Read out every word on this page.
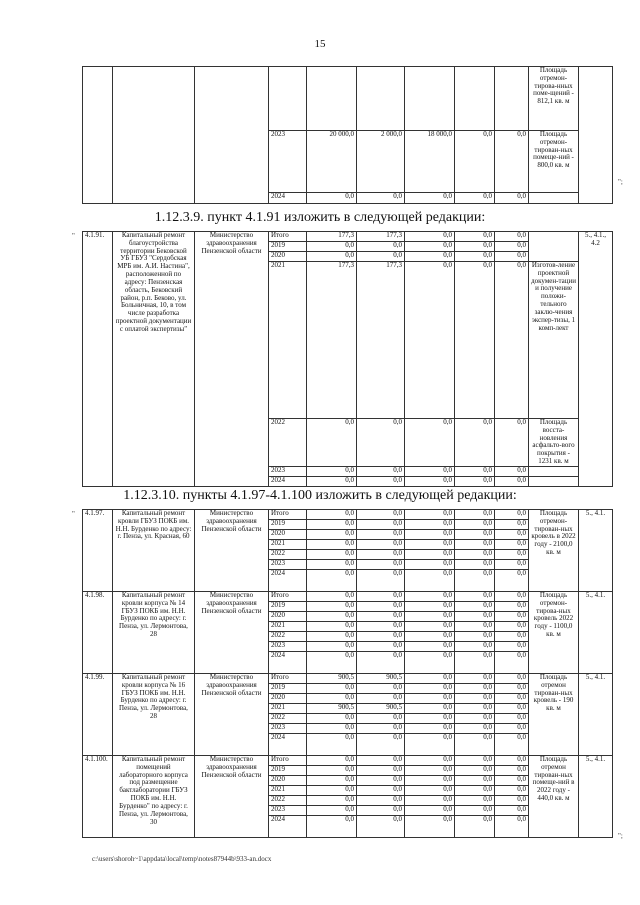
15
									Площадь отремон-тирова-нных поме-щений - 812,1 кв. м	
			2023	20 000,0	2 000,0	18 000,0	0,0	0,0	Площадь отремон-тирован-ных помеще-ний - 800,0 кв. м	
			2024	0,0	0,0	0,0	0,0	0,0		
";
1.12.3.9. пункт 4.1.91 изложить в следующей редакции:
" 4.1.91.	Капитальный ремонт благоустройства территории Бековской УБ ГБУЗ "Сердобская МРБ им. А.И. Настина", расположенной по адресу: Пензенская область, Бековский район, р.п. Беково, ул. Больничная, 10, в том числе разработка проектной документации с оплатой экспертизы"	Министерство здравоохранения Пензенской области	Итого	177,3	177,3	0,0	0,0	0,0		5., 4.1., 4.2
			2019	0,0	0,0	0,0	0,0	0,0		
			2020	0,0	0,0	0,0	0,0	0,0		
			2021	177,3	177,3	0,0	0,0	0,0	Изготов-ление проектной докумен-тации и получение положи-тельного заклю-чения экспер-тизы, 1 комп-лект	
			2022	0,0	0,0	0,0	0,0	0,0	Площадь восста-новления асфальто-вого покрытия - 1231 кв. м	
			2023	0,0	0,0	0,0	0,0	0,0		
			2024	0,0	0,0	0,0	0,0	0,0		
1.12.3.10. пункты 4.1.97-4.1.100 изложить в следующей редакции:
" 4.1.97.	Капитальный ремонт кровли ГБУЗ ПОКБ им. Н.Н. Бурденко по адресу: г. Пенза, ул. Красная, 60	Министерство здравоохранения Пензенской области	Итого	0,0	0,0	0,0	0,0	0,0	Площадь отремон-тирован-ных кровель в 2022 году - 2100,0 кв. м	5., 4.1.
			2019	0,0	0,0	0,0	0,0	0,0		
			2020	0,0	0,0	0,0	0,0	0,0		
			2021	0,0	0,0	0,0	0,0	0,0		
			2022	0,0	0,0	0,0	0,0	0,0		
			2023	0,0	0,0	0,0	0,0	0,0		
			2024	0,0	0,0	0,0	0,0	0,0		
4.1.98.	Капитальный ремонт кровли корпуса № 14 ГБУЗ ПОКБ им. Н.Н. Бурденко по адресу: г. Пенза, ул. Лермонтова, 28	Министерство здравоохранения Пензенской области	Итого	0,0	0,0	0,0	0,0	0,0	Площадь отремон-тирова-ных кровель 2022 году - 1100,0 кв. м	5., 4.1.
			2019	0,0	0,0	0,0	0,0	0,0		
			2020	0,0	0,0	0,0	0,0	0,0		
			2021	0,0	0,0	0,0	0,0	0,0		
			2022	0,0	0,0	0,0	0,0	0,0		
			2023	0,0	0,0	0,0	0,0	0,0		
			2024	0,0	0,0	0,0	0,0	0,0		
4.1.99.	Капитальный ремонт кровли корпуса № 16 ГБУЗ ПОКБ им. Н.Н. Бурденко по адресу: г. Пенза, ул. Лермонтова, 28	Министерство здравоохранения Пензенской области	Итого	900,5	900,5	0,0	0,0	0,0	Площадь отремон тирован-ных кровель - 190 кв. м	5., 4.1.
			2019	0,0	0,0	0,0	0,0	0,0		
			2020	0,0	0,0	0,0	0,0	0,0		
			2021	900,5	900,5	0,0	0,0	0,0		
			2022	0,0	0,0	0,0	0,0	0,0		
			2023	0,0	0,0	0,0	0,0	0,0		
			2024	0,0	0,0	0,0	0,0	0,0		
4.1.100.	Капитальный ремонт помещений лабораторного корпуса под размещение бактлаборатории ГБУЗ ПОКБ им. Н.Н. Бурденко" по адресу: г. Пенза, ул. Лермонтова, 30	Министерство здравоохранения Пензенской области	Итого	0,0	0,0	0,0	0,0	0,0	Площадь отремон тирован-ных помеще-ний в 2022 году - 440,0 кв. м	5., 4.1.
			2019	0,0	0,0	0,0	0,0	0,0		
			2020	0,0	0,0	0,0	0,0	0,0		
			2021	0,0	0,0	0,0	0,0	0,0		
			2022	0,0	0,0	0,0	0,0	0,0		
			2023	0,0	0,0	0,0	0,0	0,0		
			2024	0,0	0,0	0,0	0,0	0,0		
";
c:\users\shoroh~1\appdata\local\temp\notes87944b\933-an.docx
